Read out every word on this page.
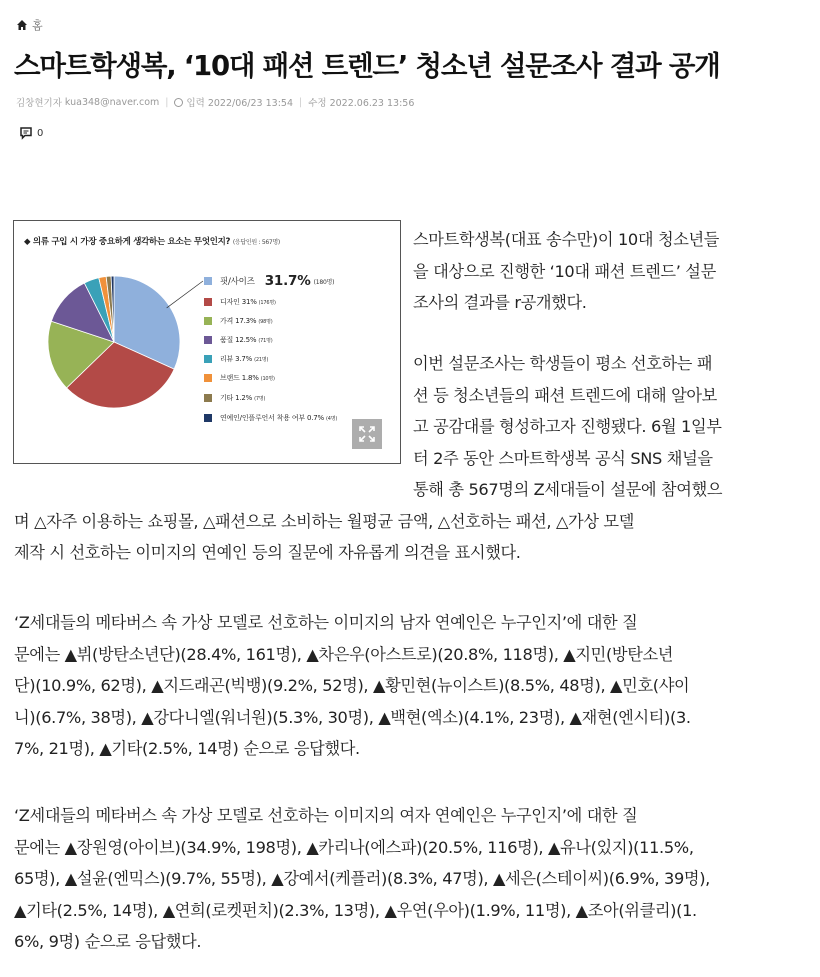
홈
스마트학생복, ‘10대 패션 트렌드’ 청소년 설문조사 결과 공개
김창현기자
kua348@naver.com | 입력 2022/06/23 13:54 | 수정 2022.06.23 13:56
0
◆ 의류 구입 시 가장 중요하게 생각하는 요소는 무엇인지? (응답인원 : 567명)
핏/사이즈 31.7% (180명)
디자인 31% (176명)
가격 17.3% (98명)
품질 12.5% (71명)
리뷰 3.7% (21명)
브랜드 1.8% (10명)
기타 1.2% (7명)
연예인/인플루언서 착용 여부 0.7% (4명)
스마트학생복(대표 송수만)이 10대 청소년들
을 대상으로 진행한 ‘10대 패션 트렌드’ 설문
조사의 결과를 r공개했다.
이번 설문조사는 학생들이 평소 선호하는 패
션 등 청소년들의 패션 트렌드에 대해 알아보
고 공감대를 형성하고자 진행됐다. 6월 1일부
터 2주 동안 스마트학생복 공식 SNS 채널을
통해 총 567명의 Z세대들이 설문에 참여했으
며 △자주 이용하는 쇼핑몰, △패션으로 소비하는 월평균 금액, △선호하는 패션, △가상 모델
제작 시 선호하는 이미지의 연예인 등의 질문에 자유롭게 의견을 표시했다.
‘Z세대들의 메타버스 속 가상 모델로 선호하는 이미지의 남자 연예인은 누구인지’에 대한 질
문에는 ▲뷔(방탄소년단)(28.4%, 161명), ▲차은우(아스트로)(20.8%, 118명), ▲지민(방탄소년
단)(10.9%, 62명), ▲지드래곤(빅뱅)(9.2%, 52명), ▲황민현(뉴이스트)(8.5%, 48명), ▲민호(샤이
니)(6.7%, 38명), ▲강다니엘(워너원)(5.3%, 30명), ▲백현(엑소)(4.1%, 23명), ▲재현(엔시티)(3.
7%, 21명), ▲기타(2.5%, 14명) 순으로 응답했다.
‘Z세대들의 메타버스 속 가상 모델로 선호하는 이미지의 여자 연예인은 누구인지’에 대한 질
문에는 ▲장원영(아이브)(34.9%, 198명), ▲카리나(에스파)(20.5%, 116명), ▲유나(있지)(11.5%,
65명), ▲설윤(엔믹스)(9.7%, 55명), ▲강예서(케플러)(8.3%, 47명), ▲세은(스테이씨)(6.9%, 39명),
▲기타(2.5%, 14명), ▲연희(로켓펀치)(2.3%, 13명), ▲우연(우아)(1.9%, 11명), ▲조아(위클리)(1.
6%, 9명) 순으로 응답했다.
